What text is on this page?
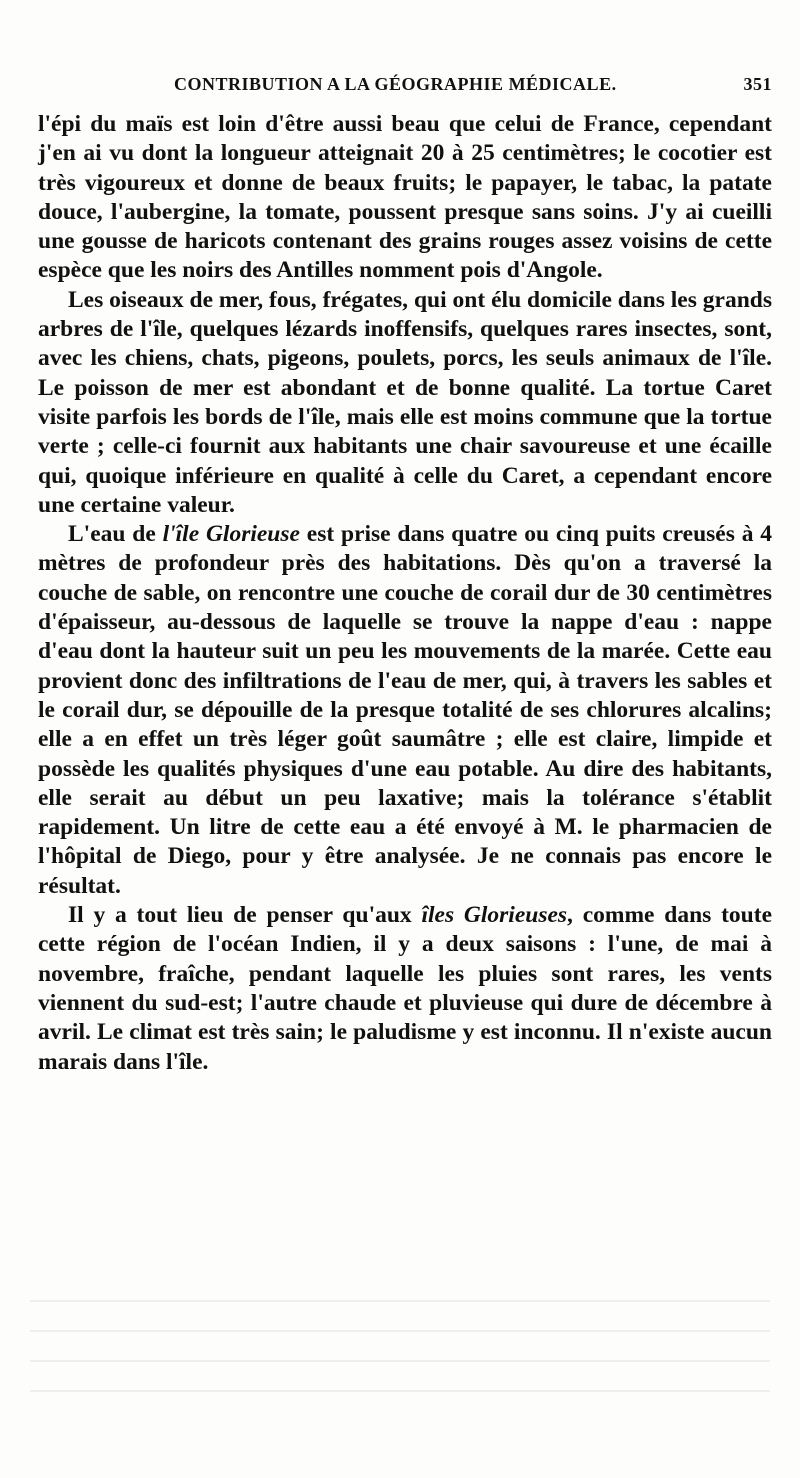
CONTRIBUTION A LA GÉOGRAPHIE MÉDICALE.	351

l'épi du maïs est loin d'être aussi beau que celui de France, cependant j'en ai vu dont la longueur atteignait 20 à 25 centimètres; le cocotier est très vigoureux et donne de beaux fruits; le papayer, le tabac, la patate douce, l'aubergine, la tomate, poussent presque sans soins. J'y ai cueilli une gousse de haricots contenant des grains rouges assez voisins de cette espèce que les noirs des Antilles nomment pois d'Angole.

Les oiseaux de mer, fous, frégates, qui ont élu domicile dans les grands arbres de l'île, quelques lézards inoffensifs, quelques rares insectes, sont, avec les chiens, chats, pigeons, poulets, porcs, les seuls animaux de l'île. Le poisson de mer est abondant et de bonne qualité. La tortue Caret visite parfois les bords de l'île, mais elle est moins commune que la tortue verte ; celle-ci fournit aux habitants une chair savoureuse et une écaille qui, quoique inférieure en qualité à celle du Caret, a cependant encore une certaine valeur.

L'eau de l'île Glorieuse est prise dans quatre ou cinq puits creusés à 4 mètres de profondeur près des habitations. Dès qu'on a traversé la couche de sable, on rencontre une couche de corail dur de 30 centimètres d'épaisseur, au-dessous de laquelle se trouve la nappe d'eau : nappe d'eau dont la hauteur suit un peu les mouvements de la marée. Cette eau provient donc des infiltrations de l'eau de mer, qui, à travers les sables et le corail dur, se dépouille de la presque totalité de ses chlorures alcalins; elle a en effet un très léger goût saumâtre ; elle est claire, limpide et possède les qualités physiques d'une eau potable. Au dire des habitants, elle serait au début un peu laxative; mais la tolérance s'établit rapidement. Un litre de cette eau a été envoyé à M. le pharmacien de l'hôpital de Diego, pour y être analysée. Je ne connais pas encore le résultat.

Il y a tout lieu de penser qu'aux îles Glorieuses, comme dans toute cette région de l'océan Indien, il y a deux saisons : l'une, de mai à novembre, fraîche, pendant laquelle les pluies sont rares, les vents viennent du sud-est; l'autre chaude et pluvieuse qui dure de décembre à avril. Le climat est très sain; le paludisme y est inconnu. Il n'existe aucun marais dans l'île.
